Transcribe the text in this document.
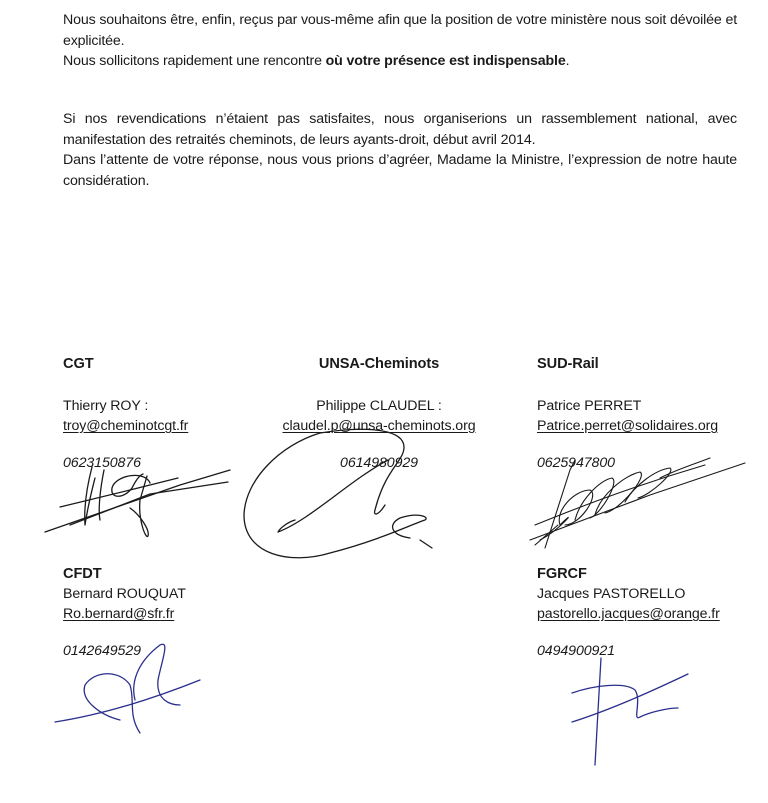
Nous souhaitons être, enfin, reçus par vous-même afin que la position de votre ministère nous soit dévoilée et explicitée.

Nous sollicitons rapidement une rencontre où votre présence est indispensable.

Si nos revendications n’étaient pas satisfaites, nous organiserions un rassemblement national, avec manifestation des retraités cheminots, de leurs ayants-droit, début avril 2014.

Dans l’attente de votre réponse, nous vous prions d’agréer, Madame la Ministre, l’expression de notre haute considération.

CGT
Thierry ROY :
troy@cheminotcgt.fr
0623150876
UNSA-Cheminots
Philippe CLAUDEL :
claudel.p@unsa-cheminots.org
0614980929
SUD-Rail
Patrice PERRET
Patrice.perret@solidaires.org
0625947800
CFDT
Bernard ROUQUAT
Ro.bernard@sfr.fr
0142649529
FGRCF
Jacques PASTORELLO
pastorello.jacques@orange.fr
0494900921
